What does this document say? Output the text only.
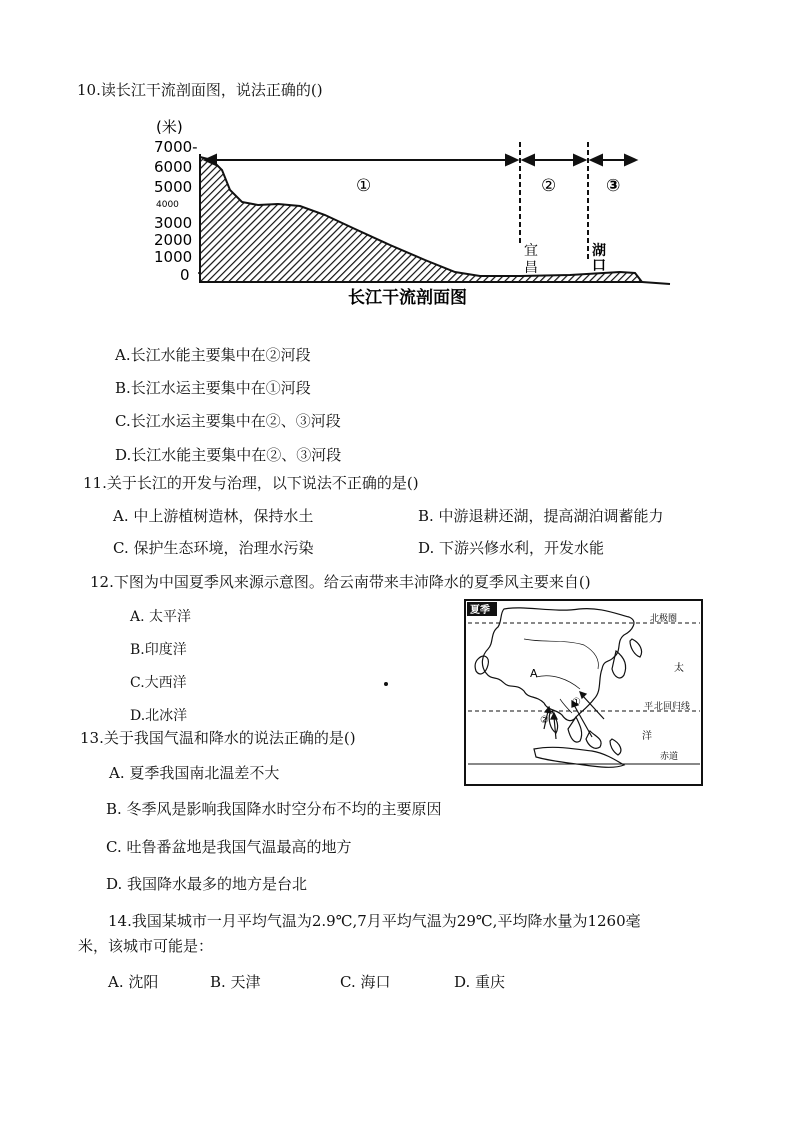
10.读长江干流剖面图，说法正确的()
(米)
7000-
6000
5000
4000
3000
2000
1000
0
①	②	③
宜
昌
湖
口
长江干流剖面图
A.长江水能主要集中在②河段
B.长江水运主要集中在①河段
C.长江水运主要集中在②、③河段
D.长江水能主要集中在②、③河段
11.关于长江的开发与治理，以下说法不正确的是()
A. 中上游植树造林，保持水土	B. 中游退耕还湖，提高湖泊调蓄能力
C. 保护生态环境，治理水污染	D. 下游兴修水利，开发水能
12.下图为中国夏季风来源示意图。给云南带来丰沛降水的夏季风主要来自()
A. 太平洋
B.印度洋
C.大西洋
D.北冰洋
夏季
北极圈
太
平 北回归线
洋
赤道
A
①
②
13.关于我国气温和降水的说法正确的是()
A. 夏季我国南北温差不大
B. 冬季风是影响我国降水时空分布不均的主要原因
C. 吐鲁番盆地是我国气温最高的地方
D. 我国降水最多的地方是台北
14.我国某城市一月平均气温为2.9℃,7月平均气温为29℃,平均降水量为1260毫
米，该城市可能是：
A. 沈阳	B. 天津	C. 海口	D. 重庆
